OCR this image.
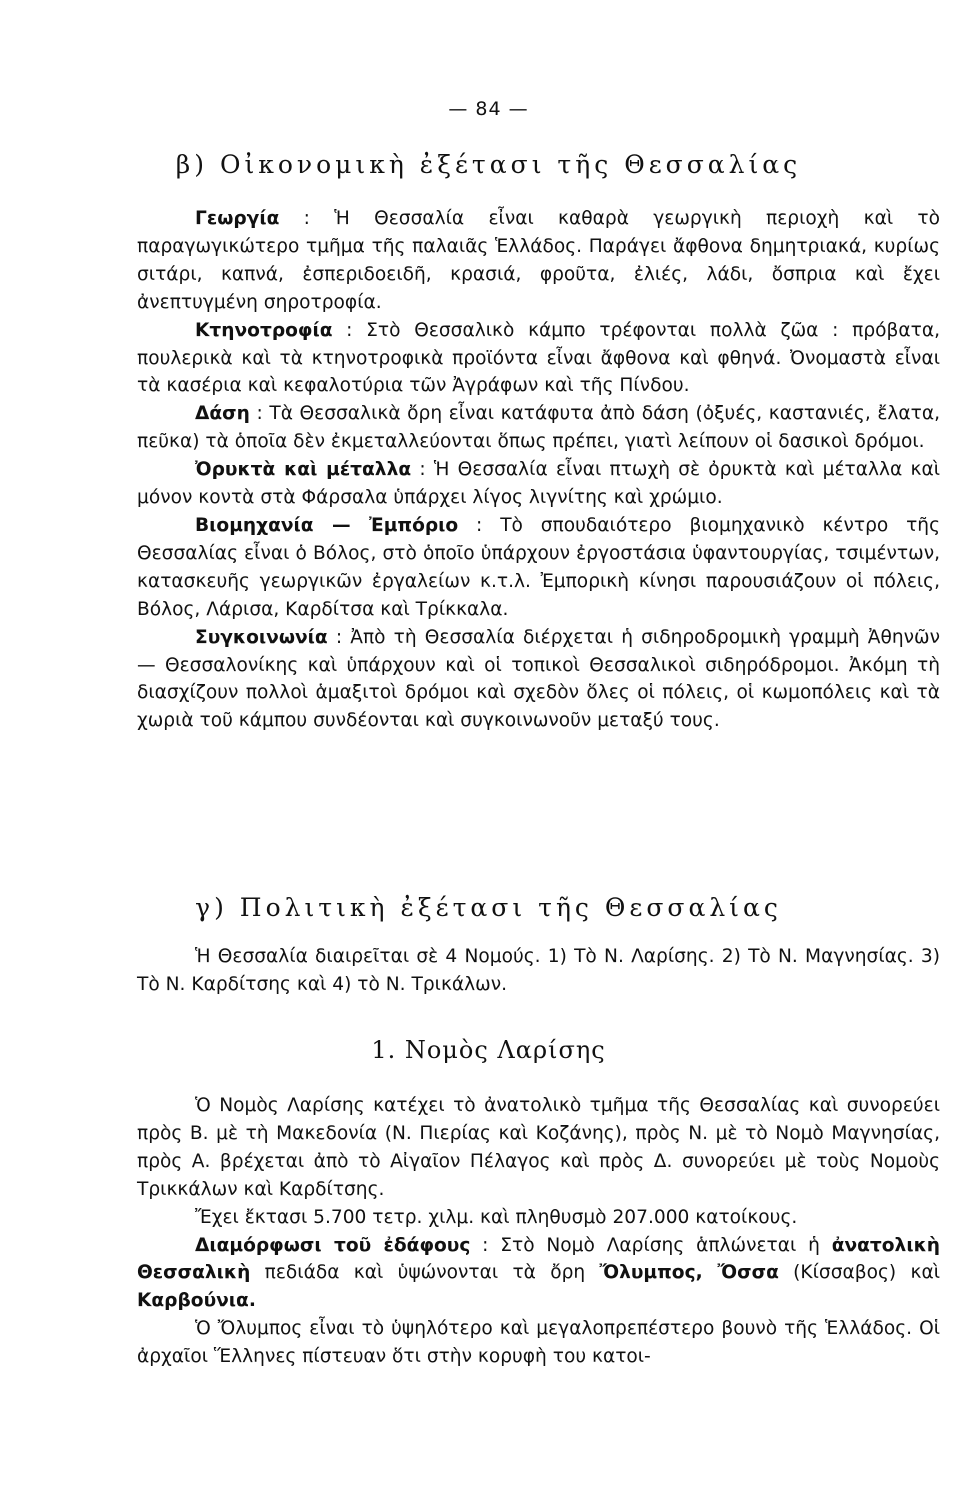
— 84 —
β) Οἰκονομικὴ ἐξέτασι τῆς Θεσσαλίας

Γεωργία : Ἡ Θεσσαλία εἶναι καθαρὰ γεωργικὴ περιοχὴ καὶ τὸ παραγωγικώτερο τμῆμα τῆς παλαιᾶς Ἑλλάδος. Παράγει ἄφθονα δημητριακά, κυρίως σιτάρι, καπνά, ἐσπεριδοειδῆ, κρασιά, φροῦτα, ἐλιές, λάδι, ὄσπρια καὶ ἔχει ἀνεπτυγμένη σηροτροφία.

Κτηνοτροφία : Στὸ Θεσσαλικὸ κάμπο τρέφονται πολλὰ ζῶα : πρόβατα, πουλερικὰ καὶ τὰ κτηνοτροφικὰ προϊόντα εἶναι ἄφθονα καὶ φθηνά. Ὀνομαστὰ εἶναι τὰ κασέρια καὶ κεφαλοτύρια τῶν Ἀγράφων καὶ τῆς Πίνδου.

Δάση : Τὰ Θεσσαλικὰ ὄρη εἶναι κατάφυτα ἀπὸ δάση (ὀξυές, καστανιές, ἔλατα, πεῦκα) τὰ ὁποῖα δὲν ἐκμεταλλεύονται ὅπως πρέπει, γιατὶ λείπουν οἱ δασικοὶ δρόμοι.

Ὀρυκτὰ καὶ μέταλλα : Ἡ Θεσσαλία εἶναι πτωχὴ σὲ ὀρυκτὰ καὶ μέταλλα καὶ μόνον κοντὰ στὰ Φάρσαλα ὑπάρχει λίγος λιγνίτης καὶ χρώμιο.

Βιομηχανία — Ἐμπόριο : Τὸ σπουδαιότερο βιομηχανικὸ κέντρο τῆς Θεσσαλίας εἶναι ὁ Βόλος, στὸ ὁποῖο ὑπάρχουν ἐργοστάσια ὑφαντουργίας, τσιμέντων, κατασκευῆς γεωργικῶν ἐργαλείων κ.τ.λ. Ἐμπορικὴ κίνησι παρουσιάζουν οἱ πόλεις, Βόλος, Λάρισα, Καρδίτσα καὶ Τρίκκαλα.

Συγκοινωνία : Ἀπὸ τὴ Θεσσαλία διέρχεται ἡ σιδηροδρομικὴ γραμμὴ Ἀθηνῶν — Θεσσαλονίκης καὶ ὑπάρχουν καὶ οἱ τοπικοὶ Θεσσαλικοὶ σιδηρόδρομοι. Ἀκόμη τὴ διασχίζουν πολλοὶ ἁμαξιτοὶ δρόμοι καὶ σχεδὸν ὅλες οἱ πόλεις, οἱ κωμοπόλεις καὶ τὰ χωριὰ τοῦ κάμπου συνδέονται καὶ συγκοινωνοῦν μεταξύ τους.

γ) Πολιτικὴ ἐξέτασι τῆς Θεσσαλίας

Ἡ Θεσσαλία διαιρεῖται σὲ 4 Νομούς. 1) Τὸ Ν. Λαρίσης. 2) Τὸ Ν. Μαγνησίας. 3) Τὸ Ν. Καρδίτσης καὶ 4) τὸ Ν. Τρικάλων.

1. Νομὸς Λαρίσης

Ὁ Νομὸς Λαρίσης κατέχει τὸ ἀνατολικὸ τμῆμα τῆς Θεσσαλίας καὶ συνορεύει πρὸς Β. μὲ τὴ Μακεδονία (Ν. Πιερίας καὶ Κοζάνης), πρὸς Ν. μὲ τὸ Νομὸ Μαγνησίας, πρὸς Α. βρέχεται ἀπὸ τὸ Αἰγαῖον Πέλαγος καὶ πρὸς Δ. συνορεύει μὲ τοὺς Νομοὺς Τρικκάλων καὶ Καρδίτσης.

Ἔχει ἔκτασι 5.700 τετρ. χιλμ. καὶ πληθυσμὸ 207.000 κατοίκους.

Διαμόρφωσι τοῦ ἐδάφους : Στὸ Νομὸ Λαρίσης ἁπλώνεται ἡ ἀνατολικὴ Θεσσαλικὴ πεδιάδα καὶ ὑψώνονται τὰ ὄρη Ὄλυμπος, Ὄσσα (Κίσσαβος) καὶ Καρβούνια.

Ὁ Ὄλυμπος εἶναι τὸ ὑψηλότερο καὶ μεγαλοπρεπέστερο βουνὸ τῆς Ἑλλάδος. Οἱ ἀρχαῖοι Ἕλληνες πίστευαν ὅτι στὴν κορυφὴ του κατοι-
